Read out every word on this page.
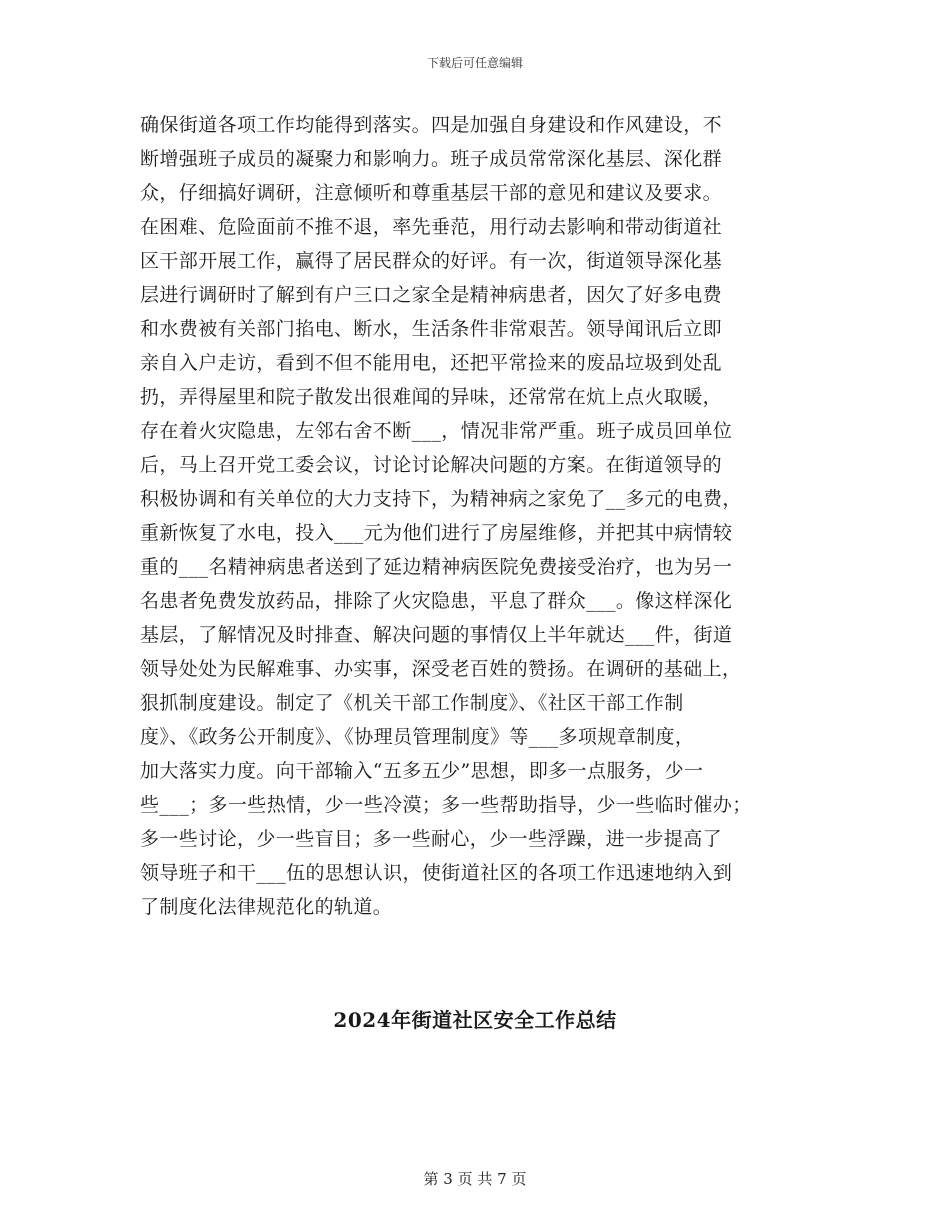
下载后可任意编辑
确保街道各项工作均能得到落实。四是加强自身建设和作风建设，不
断增强班子成员的凝聚力和影响力。班子成员常常深化基层、深化群
众，仔细搞好调研，注意倾听和尊重基层干部的意见和建议及要求。
在困难、危险面前不推不退，率先垂范，用行动去影响和带动街道社
区干部开展工作，赢得了居民群众的好评。有一次，街道领导深化基
层进行调研时了解到有户三口之家全是精神病患者，因欠了好多电费
和水费被有关部门掐电、断水，生活条件非常艰苦。领导闻讯后立即
亲自入户走访，看到不但不能用电，还把平常捡来的废品垃圾到处乱
扔，弄得屋里和院子散发出很难闻的异味，还常常在炕上点火取暖，
存在着火灾隐患，左邻右舍不断___，情况非常严重。班子成员回单位
后，马上召开党工委会议，讨论讨论解决问题的方案。在街道领导的
积极协调和有关单位的大力支持下，为精神病之家免了__多元的电费，
重新恢复了水电，投入___元为他们进行了房屋维修，并把其中病情较
重的___名精神病患者送到了延边精神病医院免费接受治疗，也为另一
名患者免费发放药品，排除了火灾隐患，平息了群众___。像这样深化
基层，了解情况及时排查、解决问题的事情仅上半年就达___件，街道
领导处处为民解难事、办实事，深受老百姓的赞扬。在调研的基础上，
狠抓制度建设。制定了《机关干部工作制度》、《社区干部工作制
度》、《政务公开制度》、《协理员管理制度》等___多项规章制度，
加大落实力度。向干部输入“五多五少”思想，即多一点服务，少一
些___；多一些热情，少一些冷漠；多一些帮助指导，少一些临时催办；
多一些讨论，少一些盲目；多一些耐心，少一些浮躁，进一步提高了
领导班子和干___伍的思想认识，使街道社区的各项工作迅速地纳入到
了制度化法律规范化的轨道。
2024年街道社区安全工作总结
第 3 页 共 7 页
